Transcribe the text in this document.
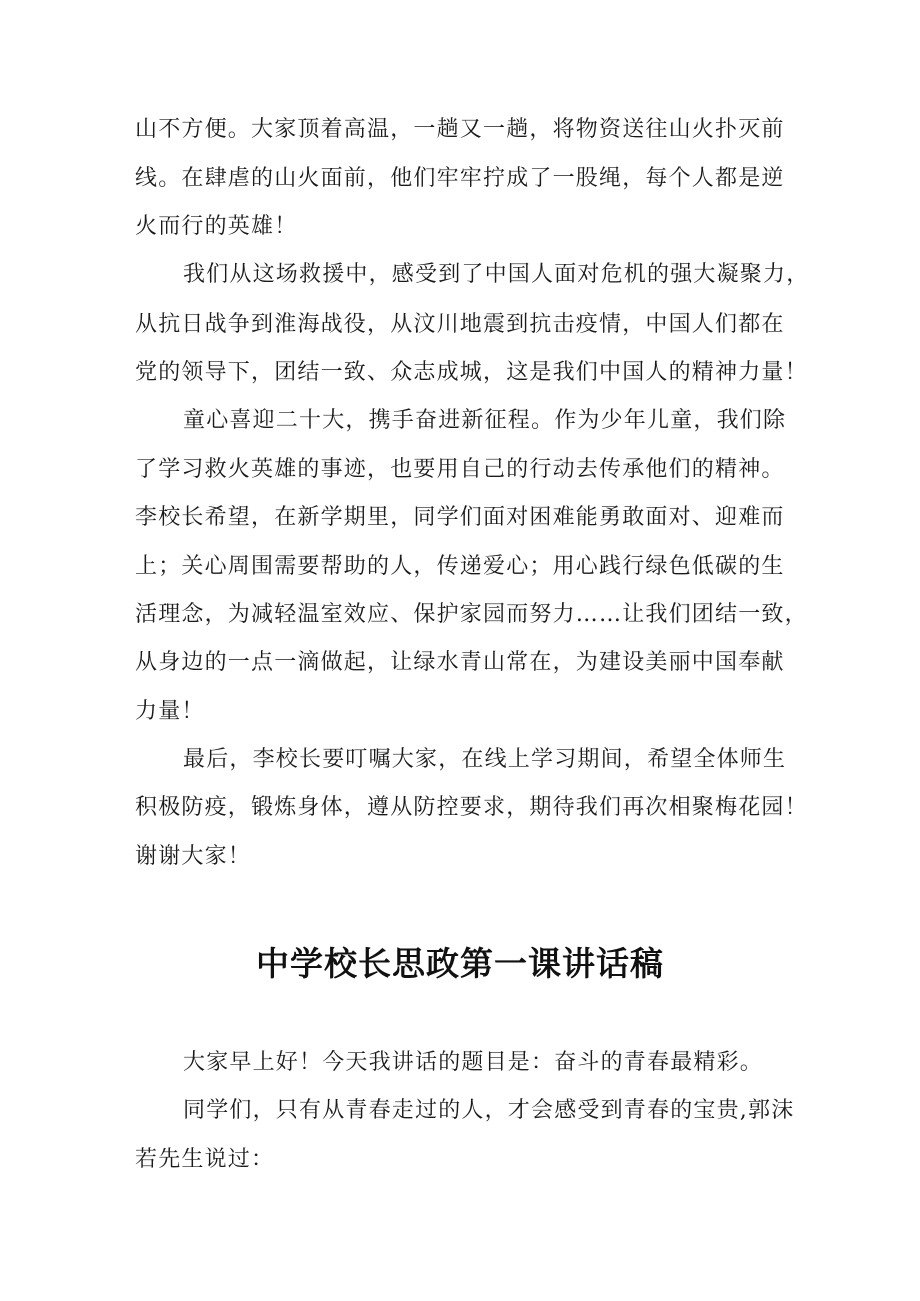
山不方便。大家顶着高温，一趟又一趟，将物资送往山火扑灭前
线。在肆虐的山火面前，他们牢牢拧成了一股绳，每个人都是逆
火而行的英雄！
我们从这场救援中，感受到了中国人面对危机的强大凝聚力，
从抗日战争到淮海战役，从汶川地震到抗击疫情，中国人们都在
党的领导下，团结一致、众志成城，这是我们中国人的精神力量！
童心喜迎二十大，携手奋进新征程。作为少年儿童，我们除
了学习救火英雄的事迹，也要用自己的行动去传承他们的精神。
李校长希望，在新学期里，同学们面对困难能勇敢面对、迎难而
上；关心周围需要帮助的人，传递爱心；用心践行绿色低碳的生
活理念，为减轻温室效应、保护家园而努力……让我们团结一致，
从身边的一点一滴做起，让绿水青山常在，为建设美丽中国奉献
力量！
最后，李校长要叮嘱大家，在线上学习期间，希望全体师生
积极防疫，锻炼身体，遵从防控要求，期待我们再次相聚梅花园！
谢谢大家！
中学校长思政第一课讲话稿
大家早上好！今天我讲话的题目是：奋斗的青春最精彩。
同学们，只有从青春走过的人，才会感受到青春的宝贵,郭沫
若先生说过：
